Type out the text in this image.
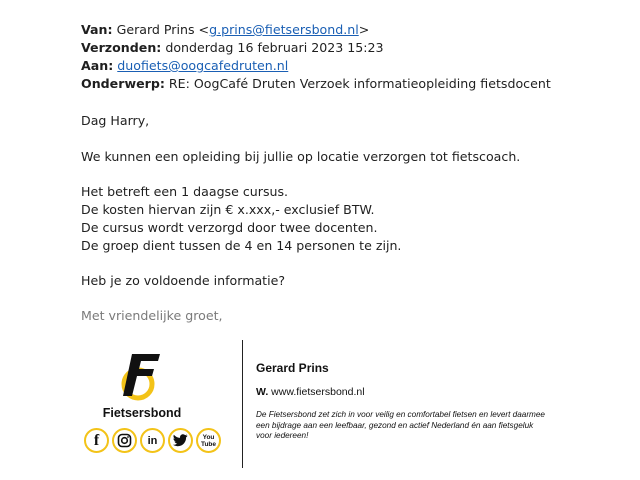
Van: Gerard Prins <g.prins@fietsersbond.nl>
Verzonden: donderdag 16 februari 2023 15:23
Aan: duofiets@oogcafedruten.nl
Onderwerp: RE: OogCafé Druten Verzoek informatieopleiding fietsdocent
Dag Harry,
We kunnen een opleiding bij jullie op locatie verzorgen tot fietscoach.
Het betreft een 1 daagse cursus.
De kosten hiervan zijn € x.xxx,- exclusief BTW.
De cursus wordt verzorgd door twee docenten.
De groep dient tussen de 4 en 14 personen te zijn.
Heb je zo voldoende informatie?
Met vriendelijke groet,
Fietsersbond
f	in	You Tube
Gerard Prins
W. www.fietsersbond.nl
De Fietsersbond zet zich in voor veilig en comfortabel fietsen en levert daarmee een bijdrage aan een leefbaar, gezond en actief Nederland én aan fietsgeluk voor iedereen!
